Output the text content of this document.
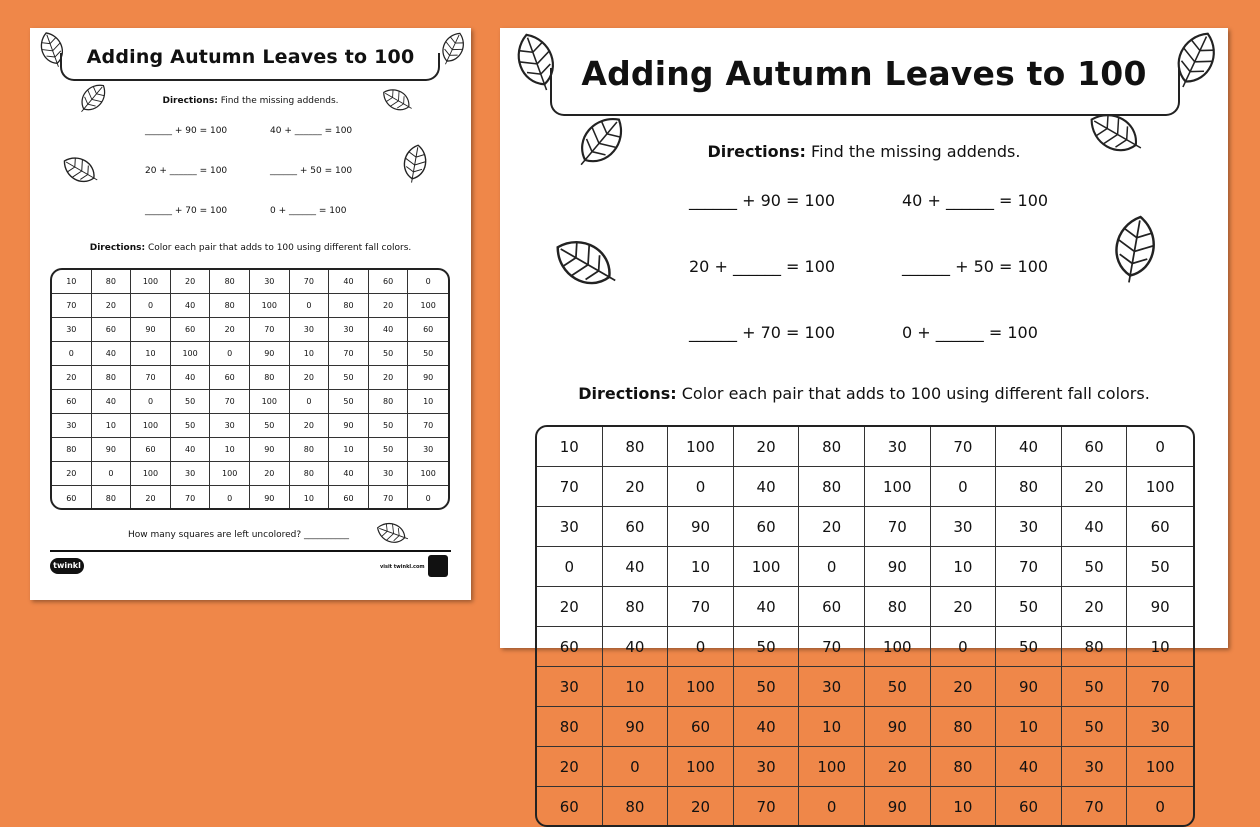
Adding Autumn Leaves to 100
Directions: Find the missing addends.
______ + 90 = 100	40 + ______ = 100
20 + ______ = 100	______ + 50 = 100
______ + 70 = 100	0 + ______ = 100
Directions: Color each pair that adds to 100 using different fall colors.
10	80	100	20	80	30	70	40	60	0
70	20	0	40	80	100	0	80	20	100
30	60	90	60	20	70	30	30	40	60
0	40	10	100	0	90	10	70	50	50
20	80	70	40	60	80	20	50	20	90
60	40	0	50	70	100	0	50	80	10
30	10	100	50	30	50	20	90	50	70
80	90	60	40	10	90	80	10	50	30
20	0	100	30	100	20	80	40	30	100
60	80	20	70	0	90	10	60	70	0
How many squares are left uncolored? __________
twinkl	visit twinkl.com
Adding Autumn Leaves to 100
Directions: Find the missing addends.
______ + 90 = 100	40 + ______ = 100
20 + ______ = 100	______ + 50 = 100
______ + 70 = 100	0 + ______ = 100
Directions: Color each pair that adds to 100 using different fall colors.
10	80	100	20	80	30	70	40	60	0
70	20	0	40	80	100	0	80	20	100
30	60	90	60	20	70	30	30	40	60
0	40	10	100	0	90	10	70	50	50
20	80	70	40	60	80	20	50	20	90
60	40	0	50	70	100	0	50	80	10
30	10	100	50	30	50	20	90	50	70
80	90	60	40	10	90	80	10	50	30
20	0	100	30	100	20	80	40	30	100
60	80	20	70	0	90	10	60	70	0
